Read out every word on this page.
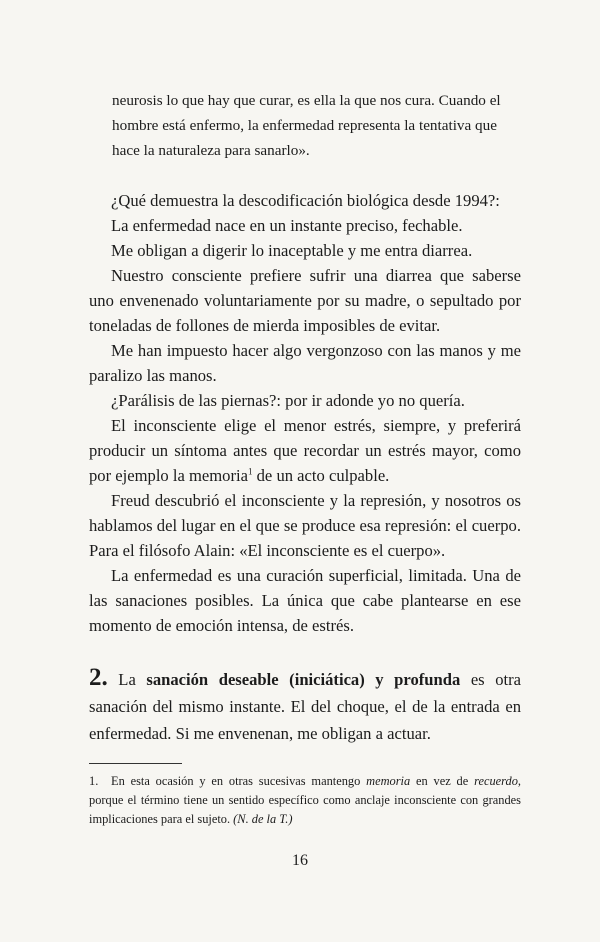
neurosis lo que hay que curar, es ella la que nos cura. Cuando el

hombre está enfermo, la enfermedad representa la tentativa que

hace la naturaleza para sanarlo».

¿Qué demuestra la descodificación biológica desde 1994?:

La enfermedad nace en un instante preciso, fechable.

Me obligan a digerir lo inaceptable y me entra diarrea.

Nuestro consciente prefiere sufrir una diarrea que saberse uno envenenado voluntariamente por su madre, o sepultado por toneladas de follones de mierda imposibles de evitar.

Me han impuesto hacer algo vergonzoso con las manos y me paralizo las manos.

¿Parálisis de las piernas?: por ir adonde yo no quería.

El inconsciente elige el menor estrés, siempre, y preferirá producir un síntoma antes que recordar un estrés mayor, como por ejemplo la memoria$^1$ de un acto culpable.

Freud descubrió el inconsciente y la represión, y nosotros os hablamos del lugar en el que se produce esa represión: el cuerpo. Para el filósofo Alain: «El inconsciente es el cuerpo».

La enfermedad es una curación superficial, limitada. Una de las sanaciones posibles. La única que cabe plantearse en ese momento de emoción intensa, de estrés.

2. La sanación deseable (iniciática) y profunda es otra sanación del mismo instante. El del choque, el de la entrada en enfermedad. Si me envenenan, me obligan a actuar.

1. En esta ocasión y en otras sucesivas mantengo memoria en vez de recuerdo, porque el término tiene un sentido específico como anclaje inconsciente con grandes implicaciones para el sujeto. (N. de la T.)
16
